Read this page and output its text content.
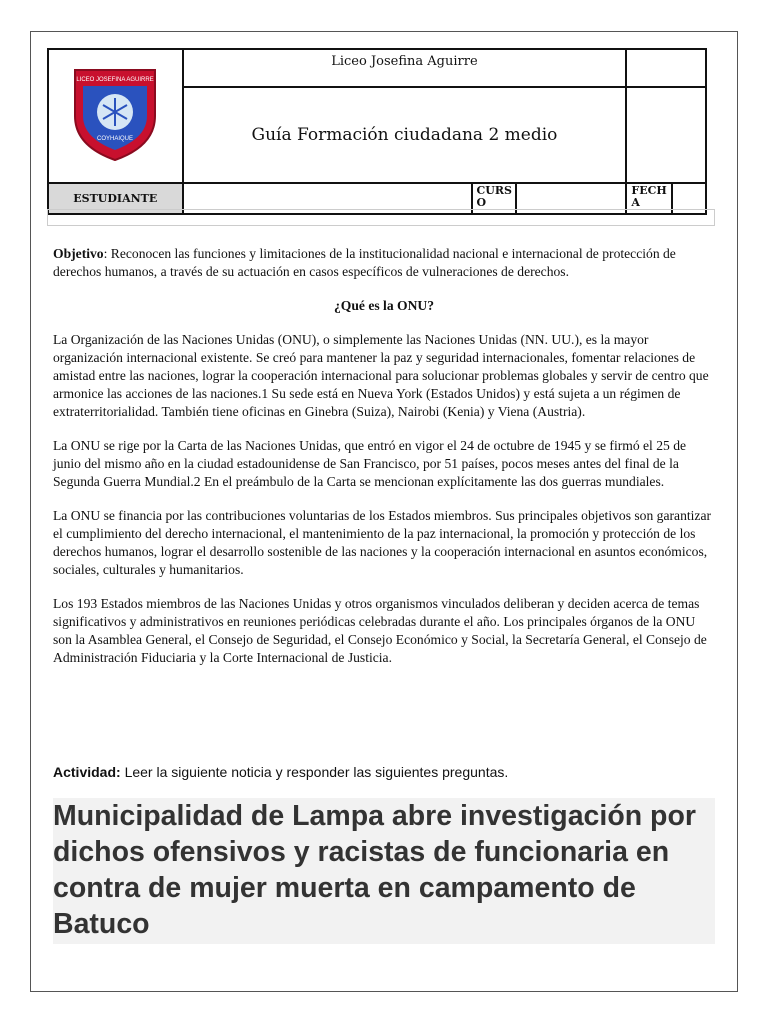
LICEO JOSEFINA AGUIRRE
COYHAIQUE	Liceo Josefina Aguirre				
	Guía Formación ciudadana 2 medio				
ESTUDIANTE		CURS O		FECH A	

Objetivo: Reconocen las funciones y limitaciones de la institucionalidad nacional e internacional de protección de derechos humanos, a través de su actuación en casos específicos de vulneraciones de derechos.

¿Qué es la ONU?

La Organización de las Naciones Unidas (ONU), o simplemente las Naciones Unidas (NN. UU.), es la mayor organización internacional existente. Se creó para mantener la paz y seguridad internacionales, fomentar relaciones de amistad entre las naciones, lograr la cooperación internacional para solucionar problemas globales y servir de centro que armonice las acciones de las naciones.1 Su sede está en Nueva York (Estados Unidos) y está sujeta a un régimen de extraterritorialidad. También tiene oficinas en Ginebra (Suiza), Nairobi (Kenia) y Viena (Austria).

La ONU se rige por la Carta de las Naciones Unidas, que entró en vigor el 24 de octubre de 1945 y se firmó el 25 de junio del mismo año en la ciudad estadounidense de San Francisco, por 51 países, pocos meses antes del final de la Segunda Guerra Mundial.2 En el preámbulo de la Carta se mencionan explícitamente las dos guerras mundiales.

La ONU se financia por las contribuciones voluntarias de los Estados miembros. Sus principales objetivos son garantizar el cumplimiento del derecho internacional, el mantenimiento de la paz internacional, la promoción y protección de los derechos humanos, lograr el desarrollo sostenible de las naciones y la cooperación internacional en asuntos económicos, sociales, culturales y humanitarios.

Los 193 Estados miembros de las Naciones Unidas y otros organismos vinculados deliberan y deciden acerca de temas significativos y administrativos en reuniones periódicas celebradas durante el año. Los principales órganos de la ONU son la Asamblea General, el Consejo de Seguridad, el Consejo Económico y Social, la Secretaría General, el Consejo de Administración Fiduciaria y la Corte Internacional de Justicia.

Actividad: Leer la siguiente noticia y responder las siguientes preguntas.
Municipalidad de Lampa abre investigación por dichos ofensivos y racistas de funcionaria en contra de mujer muerta en campamento de Batuco
